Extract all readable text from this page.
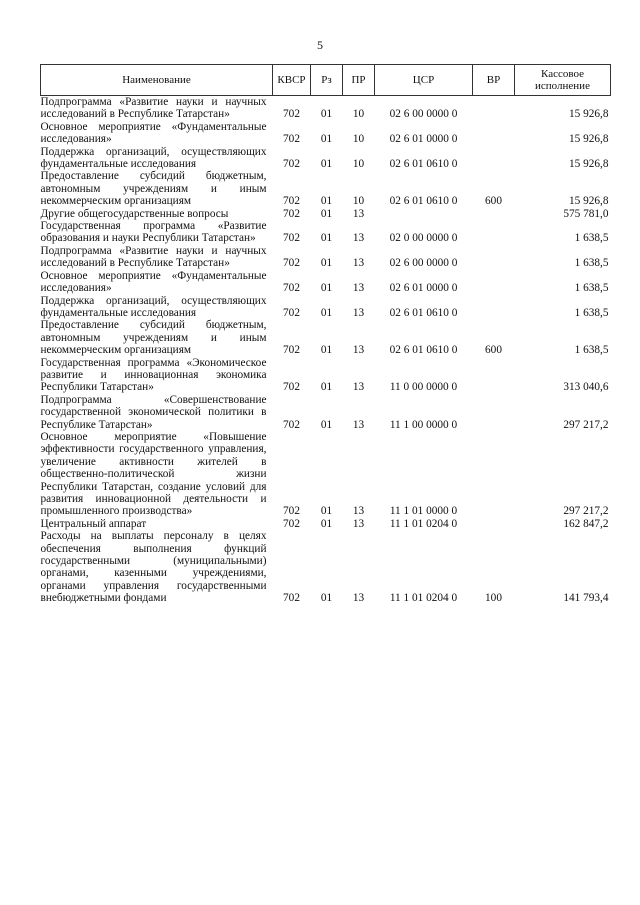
5
Наименование	КВСР	Рз	ПР	ЦСР	ВР	Кассовое исполнение
Подпрограмма «Развитие науки и научных исследований в Республике Татарстан»	702	01	10	02 6 00 0000 0		15 926,8
Основное мероприятие «Фундаментальные исследования»	702	01	10	02 6 01 0000 0		15 926,8
Поддержка организаций, осуществляющих фундаментальные исследования	702	01	10	02 6 01 0610 0		15 926,8
Предоставление субсидий бюджетным, автономным учреждениям и иным некоммерческим организациям	702	01	10	02 6 01 0610 0	600	15 926,8
Другие общегосударственные вопросы	702	01	13			575 781,0
Государственная программа «Развитие образования и науки Республики Татарстан»	702	01	13	02 0 00 0000 0		1 638,5
Подпрограмма «Развитие науки и научных исследований в Республике Татарстан»	702	01	13	02 6 00 0000 0		1 638,5
Основное мероприятие «Фундаментальные исследования»	702	01	13	02 6 01 0000 0		1 638,5
Поддержка организаций, осуществляющих фундаментальные исследования	702	01	13	02 6 01 0610 0		1 638,5
Предоставление субсидий бюджетным, автономным учреждениям и иным некоммерческим организациям	702	01	13	02 6 01 0610 0	600	1 638,5
Государственная программа «Экономическое развитие и инновационная экономика Республики Татарстан»	702	01	13	11 0 00 0000 0		313 040,6
Подпрограмма «Совершенствование государственной экономической политики в Республике Татарстан»	702	01	13	11 1 00 0000 0		297 217,2
Основное мероприятие «Повышение эффективности государственного управления, увеличение активности жителей в общественно-политической жизни Республики Татарстан, создание условий для развития инновационной деятельности и промышленного производства»	702	01	13	11 1 01 0000 0		297 217,2
Центральный аппарат	702	01	13	11 1 01 0204 0		162 847,2
Расходы на выплаты персоналу в целях обеспечения выполнения функций государственными (муниципальными) органами, казенными учреждениями, органами управления государственными внебюджетными фондами	702	01	13	11 1 01 0204 0	100	141 793,4
